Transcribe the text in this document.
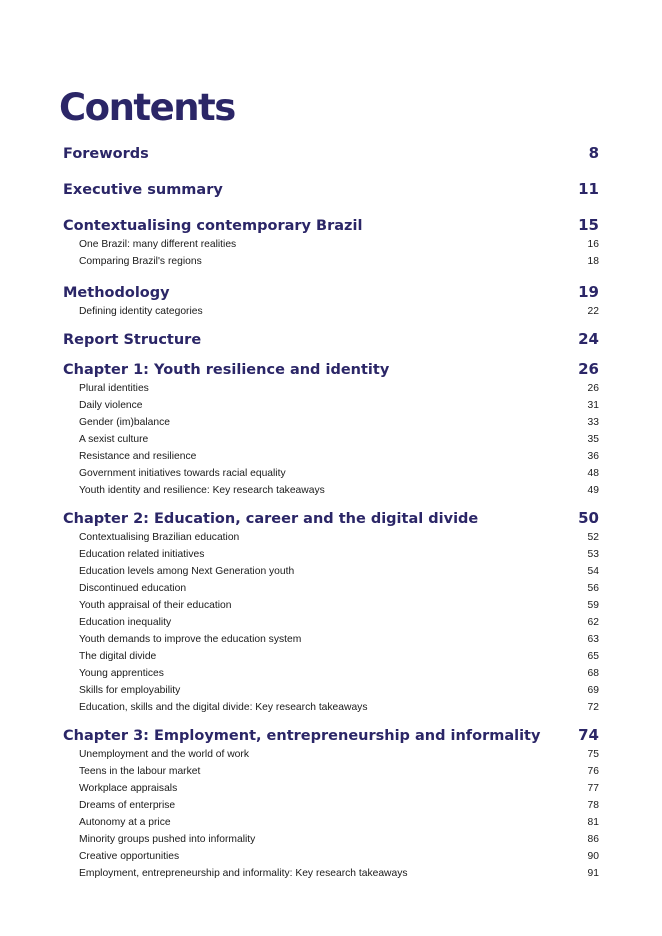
Contents
Forewords	8
Executive summary	11
Contextualising contemporary Brazil	15
One Brazil: many different realities	16
Comparing Brazil's regions	18
Methodology	19
Defining identity categories	22
Report Structure	24
Chapter 1: Youth resilience and identity	26
Plural identities	26
Daily violence	31
Gender (im)balance	33
A sexist culture	35
Resistance and resilience	36
Government initiatives towards racial equality	48
Youth identity and resilience: Key research takeaways	49
Chapter 2: Education, career and the digital divide	50
Contextualising Brazilian education	52
Education related initiatives	53
Education levels among Next Generation youth	54
Discontinued education	56
Youth appraisal of their education	59
Education inequality	62
Youth demands to improve the education system	63
The digital divide	65
Young apprentices	68
Skills for employability	69
Education, skills and the digital divide: Key research takeaways	72
Chapter 3: Employment, entrepreneurship and informality	74
Unemployment and the world of work	75
Teens in the labour market	76
Workplace appraisals	77
Dreams of enterprise	78
Autonomy at a price	81
Minority groups pushed into informality	86
Creative opportunities	90
Employment, entrepreneurship and informality: Key research takeaways	91
